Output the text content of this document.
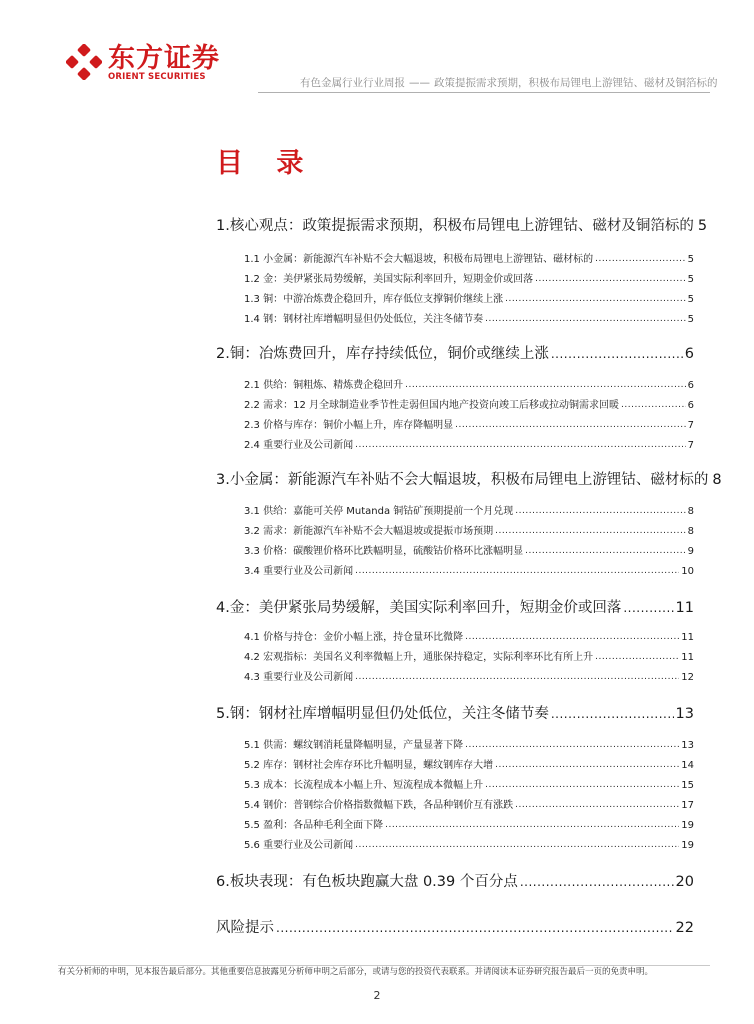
东方证券
ORIENT SECURITIES	有色金属行业行业周报 —— 政策提振需求预期，积极布局锂电上游锂钴、磁材及铜箔标的
目 录
1.核心观点：政策提振需求预期，积极布局锂电上游锂钴、磁材及铜箔标的 5
1.1 小金属：新能源汽车补贴不会大幅退坡，积极布局锂电上游锂钴、磁材标的 .....	5
1.2 金：美伊紧张局势缓解，美国实际利率回升，短期金价或回落 .....	5
1.3 铜：中游冶炼费企稳回升，库存低位支撑铜价继续上涨 .....	5
1.4 钢：钢材社库增幅明显但仍处低位，关注冬储节奏 .....	5
2.铜：冶炼费回升，库存持续低位，铜价或继续上涨 .....	6
2.1 供给：铜粗炼、精炼费企稳回升 .....	6
2.2 需求：12 月全球制造业季节性走弱但国内地产投资向竣工后移或拉动铜需求回暖 .....	6
2.3 价格与库存：铜价小幅上升，库存降幅明显 .....	7
2.4 重要行业及公司新闻 .....	7
3.小金属：新能源汽车补贴不会大幅退坡，积极布局锂电上游锂钴、磁材标的 8
3.1 供给：嘉能可关停 Mutanda 铜钴矿预期提前一个月兑现 .....	8
3.2 需求：新能源汽车补贴不会大幅退坡或提振市场预期 .....	8
3.3 价格：碳酸锂价格环比跌幅明显，硫酸钴价格环比涨幅明显 .....	9
3.4 重要行业及公司新闻 .....	10
4.金：美伊紧张局势缓解，美国实际利率回升，短期金价或回落 .....	11
4.1 价格与持仓：金价小幅上涨，持仓量环比微降 .....	11
4.2 宏观指标：美国名义利率微幅上升，通胀保持稳定，实际利率环比有所上升 .....	11
4.3 重要行业及公司新闻 .....	12
5.钢：钢材社库增幅明显但仍处低位，关注冬储节奏 .....	13
5.1 供需：螺纹钢消耗量降幅明显，产量显著下降 .....	13
5.2 库存：钢材社会库存环比升幅明显，螺纹钢库存大增 .....	14
5.3 成本：长流程成本小幅上升、短流程成本微幅上升 .....	15
5.4 钢价：普钢综合价格指数微幅下跌，各品种钢价互有涨跌 .....	17
5.5 盈利：各品种毛利全面下降 .....	19
5.6 重要行业及公司新闻 .....	19
6.板块表现：有色板块跑赢大盘 0.39 个百分点 .....	20
风险提示 .....	22
有关分析师的申明，见本报告最后部分。其他重要信息披露见分析师申明之后部分，或请与您的投资代表联系。并请阅读本证券研究报告最后一页的免责申明。
2
